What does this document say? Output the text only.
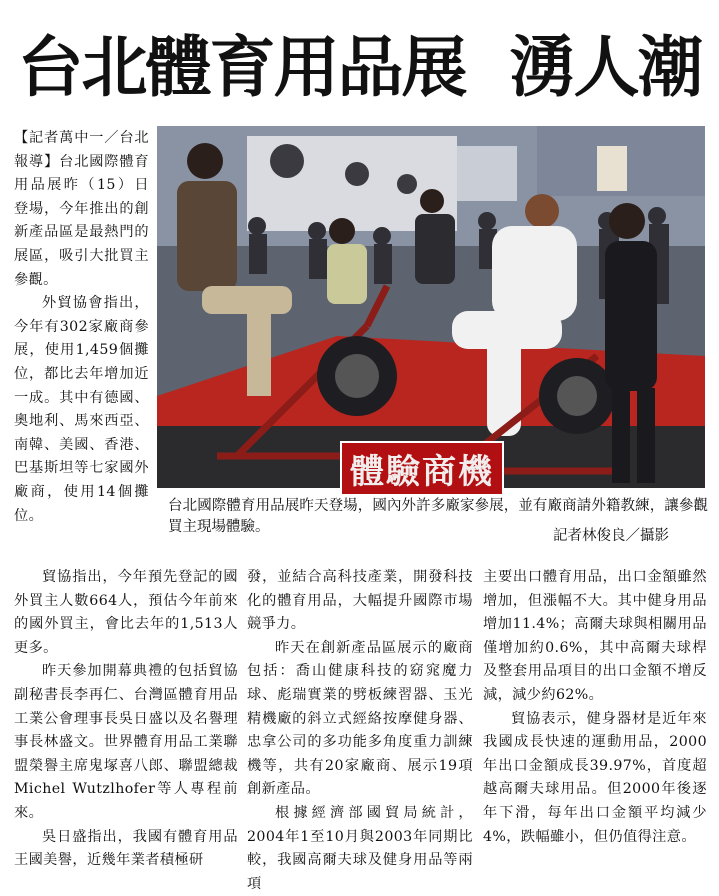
台北體育用品展 湧人潮
體驗商機
台北國際體育用品展昨天登場，國內外許多廠家參展，並有廠商請外籍教練，讓參觀買主現場體驗。
記者林俊良／攝影

【記者萬中一／台北報導】台北國際體育用品展昨（15）日登場，今年推出的創新產品區是最熱門的展區，吸引大批買主參觀。

外貿協會指出，今年有302家廠商參展，使用1,459個攤位，都比去年增加近一成。其中有德國、奧地利、馬來西亞、南韓、美國、香港、巴基斯坦等七家國外廠商，使用14個攤位。

貿協指出，今年預先登記的國外買主人數664人，預估今年前來的國外買主，會比去年的1,513人更多。

昨天參加開幕典禮的包括貿協副秘書長李再仁、台灣區體育用品工業公會理事長吳日盛以及名譽理事長林盛文。世界體育用品工業聯盟榮譽主席鬼塚喜八郎、聯盟總裁Michel Wutzlhofer等人專程前來。

吳日盛指出，我國有體育用品王國美譽，近幾年業者積極研

發，並結合高科技產業，開發科技化的體育用品，大幅提升國際市場競爭力。

昨天在創新產品區展示的廠商包括：喬山健康科技的窈窕魔力球、彪瑞實業的劈板練習器、玉光精機廠的斜立式經絡按摩健身器、忠拿公司的多功能多角度重力訓練機等，共有20家廠商、展示19項創新產品。

根據經濟部國貿局統計，2004年1至10月與2003年同期比較，我國高爾夫球及健身用品等兩項

主要出口體育用品，出口金額雖然增加，但漲幅不大。其中健身用品增加11.4%；高爾夫球與相關用品僅增加約0.6%，其中高爾夫球桿及整套用品項目的出口金額不增反減，減少約62%。

貿協表示，健身器材是近年來我國成長快速的運動用品，2000年出口金額成長39.97%，首度超越高爾夫球用品。但2000年後逐年下滑，每年出口金額平均減少4%，跌幅雖小，但仍值得注意。
